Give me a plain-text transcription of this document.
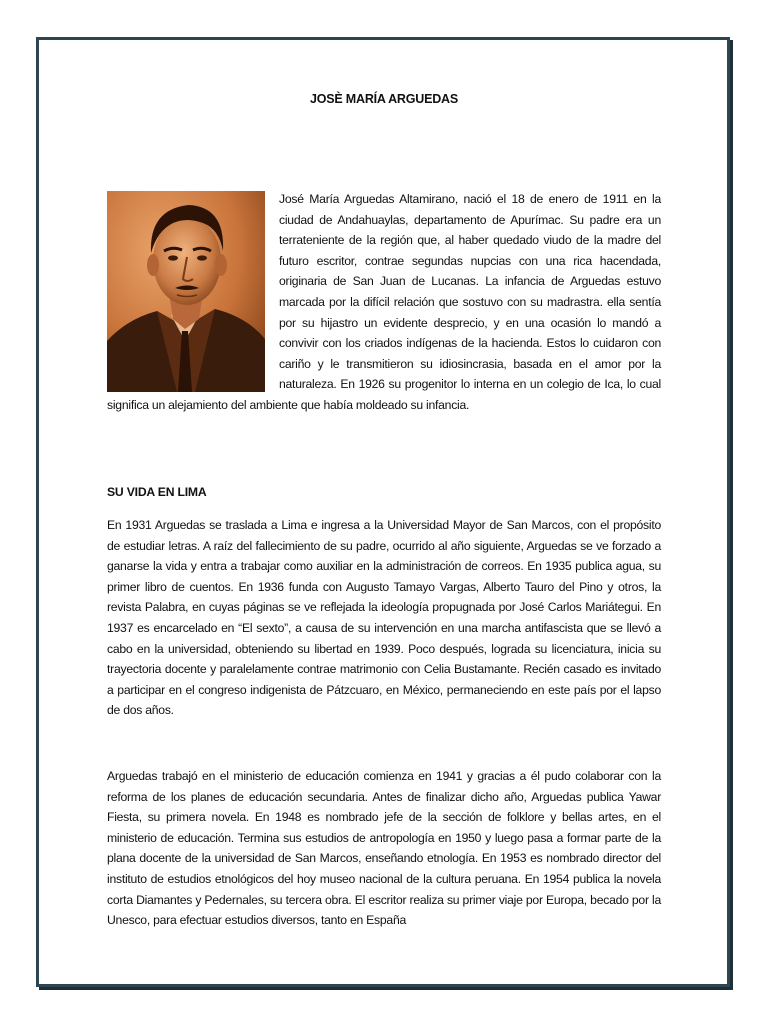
JOSÈ MARÍA ARGUEDAS

José María Arguedas Altamirano, nació el 18 de enero de 1911 en la ciudad de Andahuaylas, departamento de Apurímac. Su padre era un terrateniente de la región que, al haber quedado viudo de la madre del futuro escritor, contrae segundas nupcias con una rica hacendada, originaria de San Juan de Lucanas. La infancia de Arguedas estuvo marcada por la difícil relación que sostuvo con su madrastra. ella sentía por su hijastro un evidente desprecio, y en una ocasión lo mandó a convivir con los criados indígenas de la hacienda. Estos lo cuidaron con cariño y le transmitieron su idiosincrasia, basada en el amor por la naturaleza. En 1926 su progenitor lo interna en un colegio de Ica, lo cual significa un alejamiento del ambiente que había moldeado su infancia.

SU VIDA EN LIMA

En 1931 Arguedas se traslada a Lima e ingresa a la Universidad Mayor de San Marcos, con el propósito de estudiar letras. A raíz del fallecimiento de su padre, ocurrido al año siguiente, Arguedas se ve forzado a ganarse la vida y entra a trabajar como auxiliar en la administración de correos. En 1935 publica agua, su primer libro de cuentos. En 1936 funda con Augusto Tamayo Vargas, Alberto Tauro del Pino y otros, la revista Palabra, en cuyas páginas se ve reflejada la ideología propugnada por José Carlos Mariátegui. En 1937 es encarcelado en “El sexto”, a causa de su intervención en una marcha antifascista que se llevó a cabo en la universidad, obteniendo su libertad en 1939. Poco después, lograda su licenciatura, inicia su trayectoria docente y paralelamente contrae matrimonio con Celia Bustamante. Recién casado es invitado a participar en el congreso indigenista de Pátzcuaro, en México, permaneciendo en este país por el lapso de dos años.

Arguedas trabajó en el ministerio de educación comienza en 1941 y gracias a él pudo colaborar con la reforma de los planes de educación secundaria. Antes de finalizar dicho año, Arguedas publica Yawar Fiesta, su primera novela. En 1948 es nombrado jefe de la sección de folklore y bellas artes, en el ministerio de educación. Termina sus estudios de antropología en 1950 y luego pasa a formar parte de la plana docente de la universidad de San Marcos, enseñando etnología. En 1953 es nombrado director del instituto de estudios etnológicos del hoy museo nacional de la cultura peruana. En 1954 publica la novela corta Diamantes y Pedernales, su tercera obra. El escritor realiza su primer viaje por Europa, becado por la Unesco, para efectuar estudios diversos, tanto en España
